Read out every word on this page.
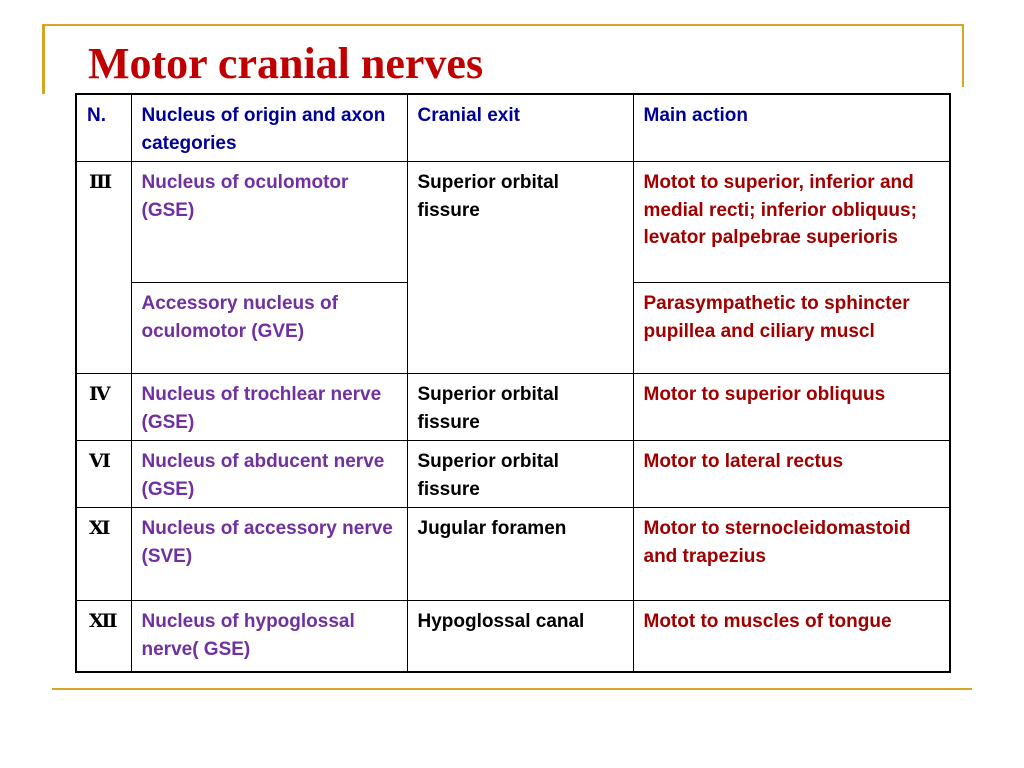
Motor cranial nerves
N.	Nucleus of origin and axon categories	Cranial exit	Main action
Ⅲ	Nucleus of oculomotor (GSE)	Superior orbital fissure	Motot to superior, inferior and medial recti; inferior obliquus; levator palpebrae superioris
	Accessory nucleus of oculomotor (GVE)		Parasympathetic to sphincter pupillea and ciliary muscl
Ⅳ	Nucleus of trochlear nerve (GSE)	Superior orbital fissure	Motor to superior obliquus
Ⅵ	Nucleus of abducent nerve (GSE)	Superior orbital fissure	Motor to lateral rectus
Ⅺ	Nucleus of accessory nerve (SVE)	Jugular foramen	Motor to sternocleidomastoid and trapezius
Ⅻ	Nucleus of hypoglossal nerve( GSE)	Hypoglossal canal	Motot to muscles of tongue
